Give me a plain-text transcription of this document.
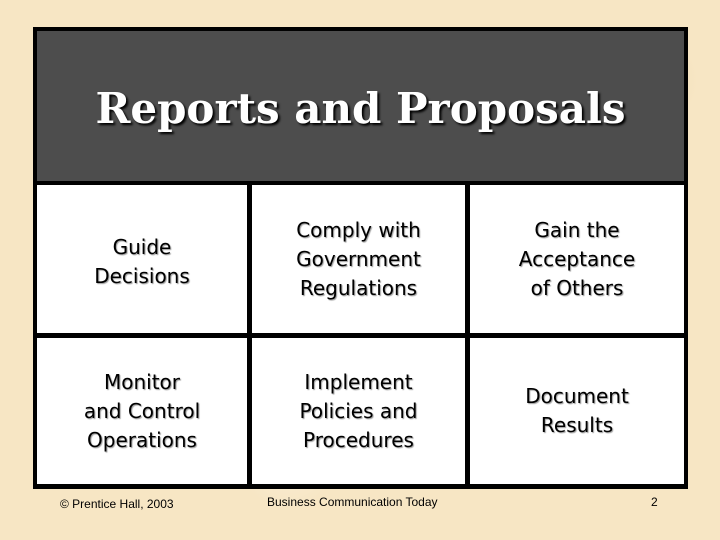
Reports and Proposals
Guide
Decisions
Comply with
Government
Regulations
Gain the
Acceptance
of Others
Monitor
and Control
Operations
Implement
Policies and
Procedures
Document
Results
© Prentice Hall, 2003	Business Communication Today	2
